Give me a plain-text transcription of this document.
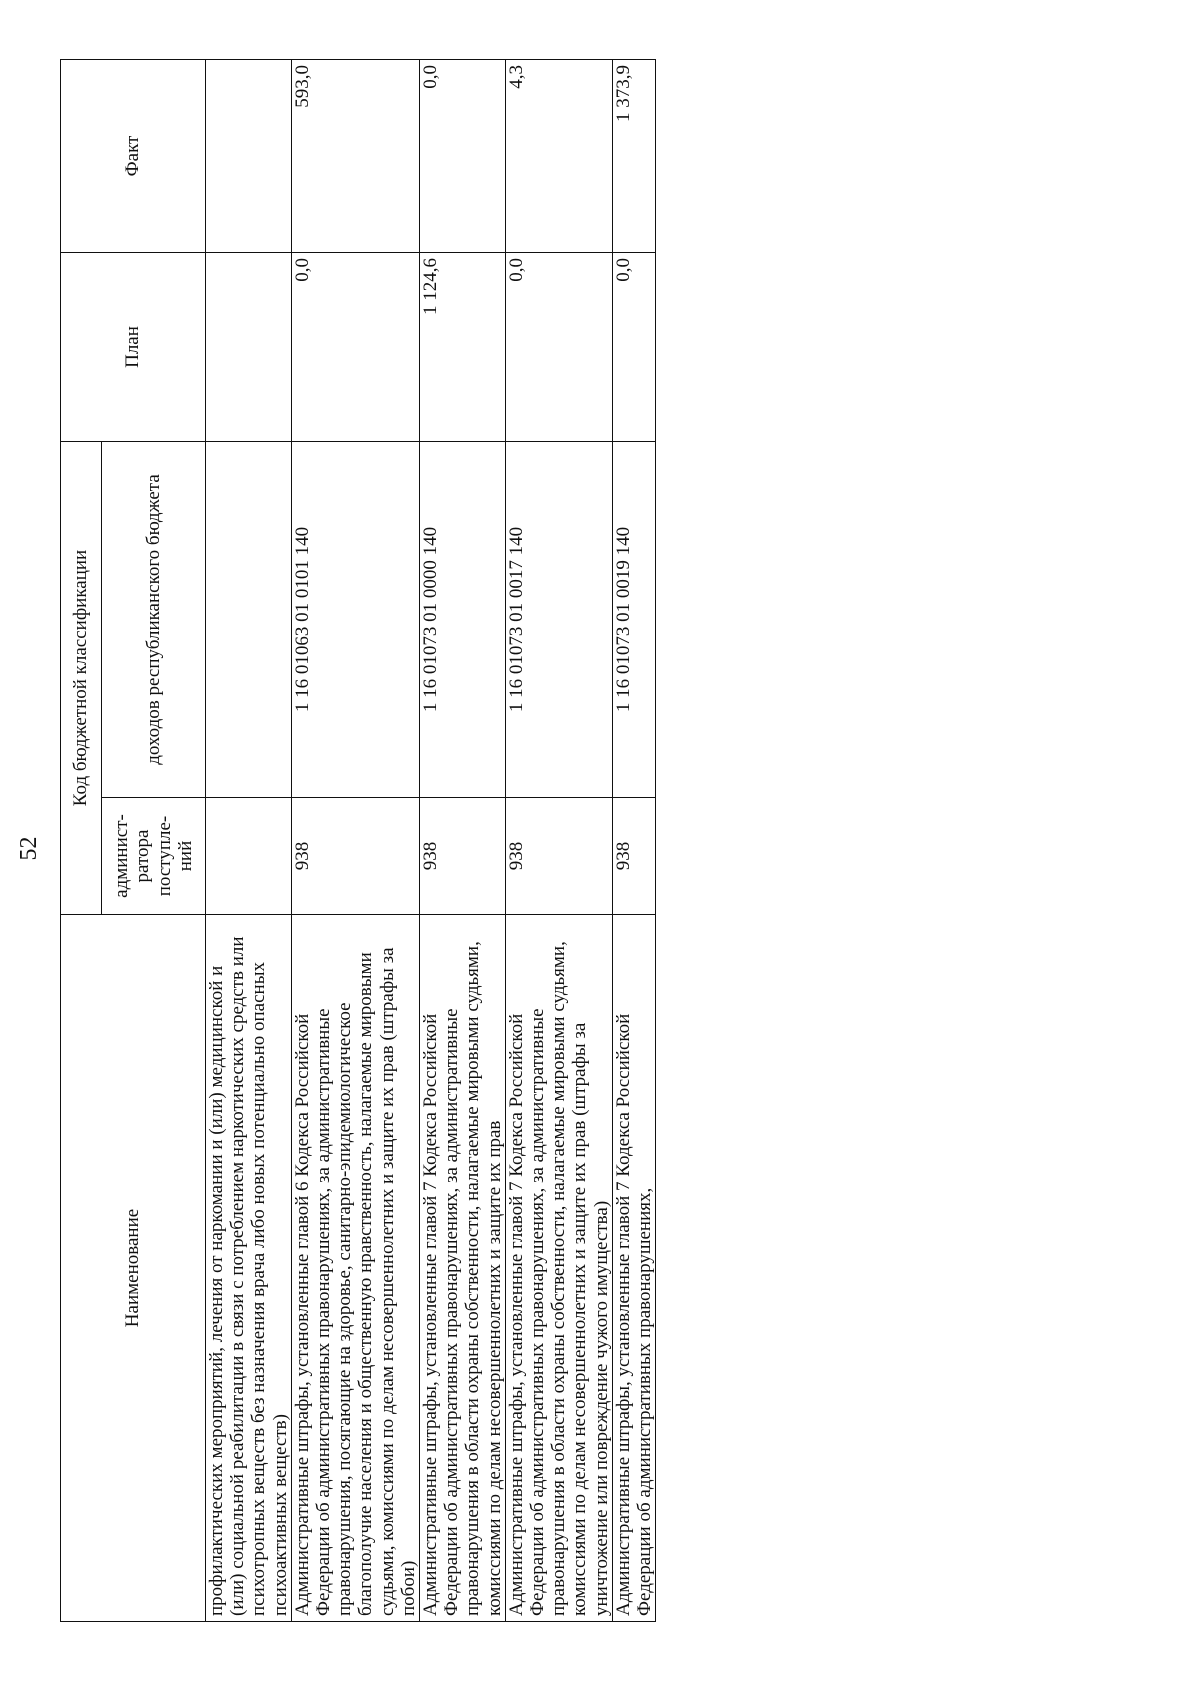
52
Наименование	Код бюджетной классификации		План	Факт
	админист-ратора поступле-ний	доходов республиканского бюджета		
профилактических мероприятий, лечения от наркомании и (или) медицинской и (или) социальной реабилитации в связи с потреблением наркотических средств или психотропных веществ без назначения врача либо новых потенциально опасных психоактивных веществ)				
Административные штрафы, установленные главой 6 Кодекса Российской Федерации об административных правонарушениях, за административные правонарушения, посягающие на здоровье, санитарно-эпидемиологическое благополучие населения и общественную нравственность, налагаемые мировыми судьями, комиссиями по делам несовершеннолетних и защите их прав (штрафы за побои)	938	1 16 01063 01 0101 140	0,0	593,0
Административные штрафы, установленные главой 7 Кодекса Российской Федерации об административных правонарушениях, за административные правонарушения в области охраны собственности, налагаемые мировыми судьями, комиссиями по делам несовершеннолетних и защите их прав	938	1 16 01073 01 0000 140	1 124,6	0,0
Административные штрафы, установленные главой 7 Кодекса Российской Федерации об административных правонарушениях, за административные правонарушения в области охраны собственности, налагаемые мировыми судьями, комиссиями по делам несовершеннолетних и защите их прав (штрафы за уничтожение или повреждение чужого имущества)	938	1 16 01073 01 0017 140	0,0	4,3
Административные штрафы, установленные главой 7 Кодекса Российской Федерации об административных правонарушениях,	938	1 16 01073 01 0019 140	0,0	1 373,9
